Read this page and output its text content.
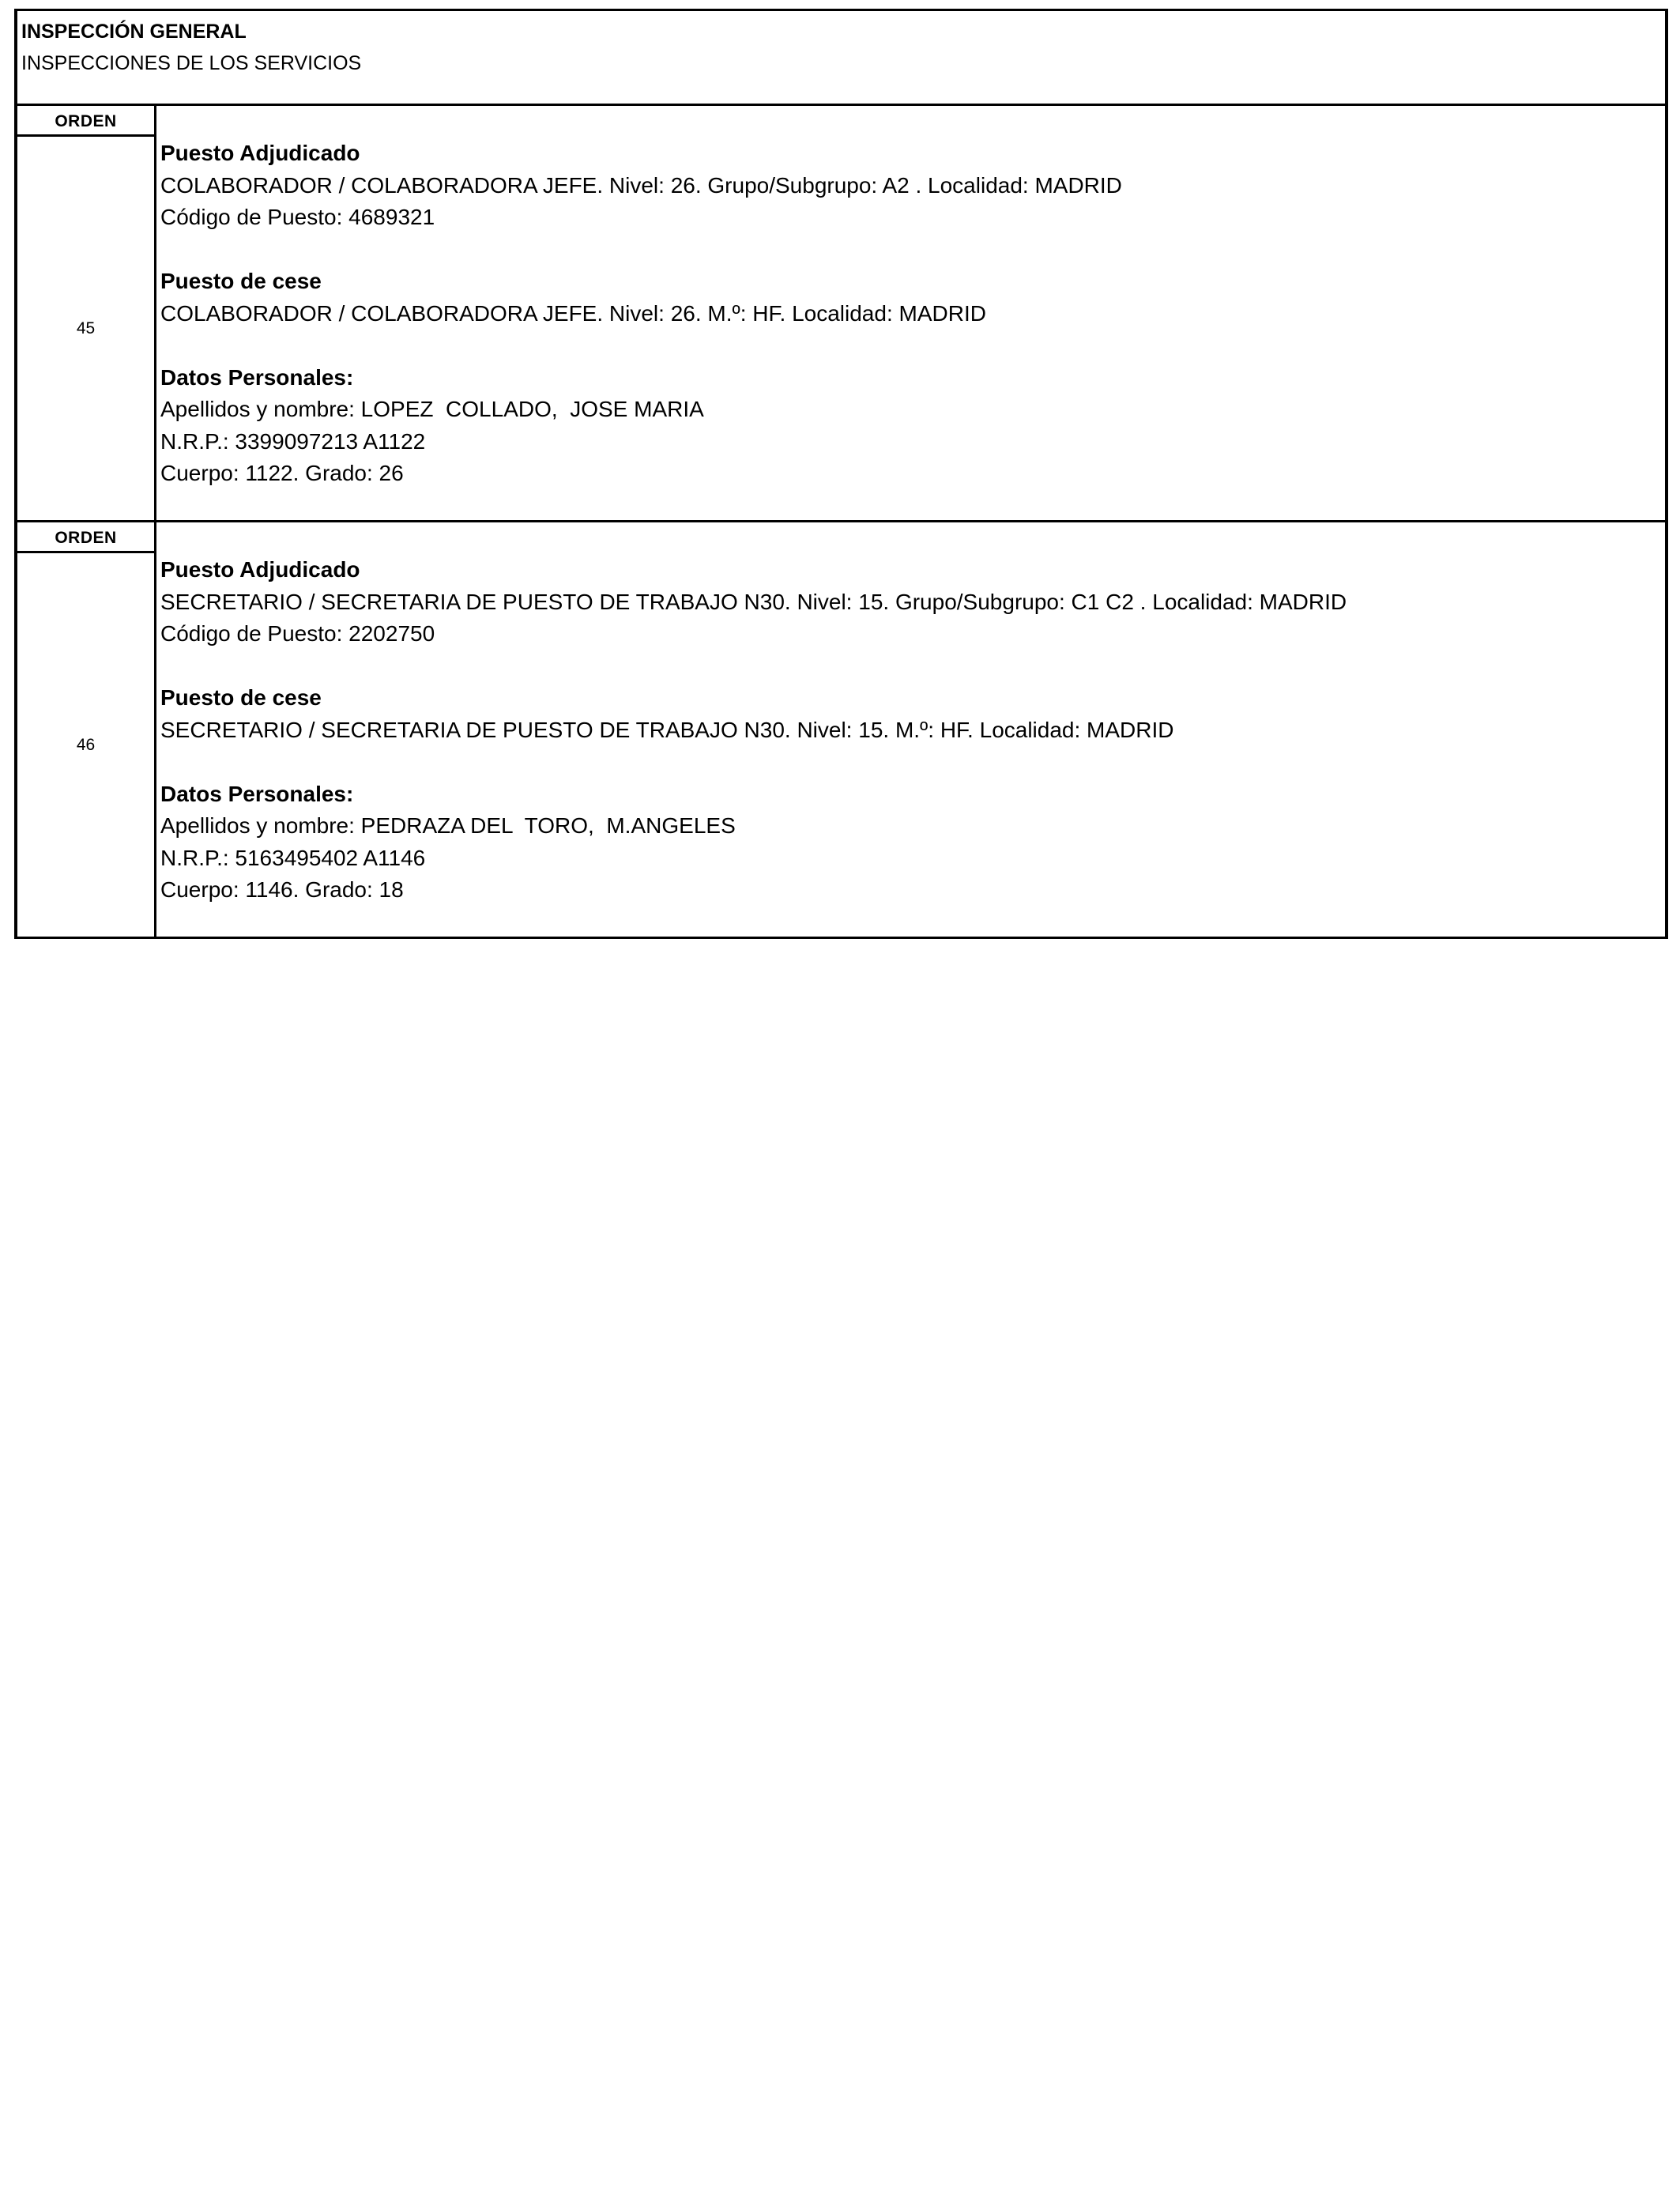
INSPECCIÓN GENERAL
INSPECCIONES DE LOS SERVICIOS
ORDEN
45
Puesto Adjudicado
COLABORADOR / COLABORADORA JEFE. Nivel: 26. Grupo/Subgrupo: A2 . Localidad: MADRID
Código de Puesto: 4689321
Puesto de cese
COLABORADOR / COLABORADORA JEFE. Nivel: 26. M.º: HF. Localidad: MADRID
Datos Personales:
Apellidos y nombre: LOPEZ  COLLADO,  JOSE MARIA
N.R.P.: 3399097213 A1122
Cuerpo: 1122. Grado: 26
ORDEN
46
Puesto Adjudicado
SECRETARIO / SECRETARIA DE PUESTO DE TRABAJO N30. Nivel: 15. Grupo/Subgrupo: C1 C2 . Localidad: MADRID
Código de Puesto: 2202750
Puesto de cese
SECRETARIO / SECRETARIA DE PUESTO DE TRABAJO N30. Nivel: 15. M.º: HF. Localidad: MADRID
Datos Personales:
Apellidos y nombre: PEDRAZA DEL  TORO,  M.ANGELES
N.R.P.: 5163495402 A1146
Cuerpo: 1146. Grado: 18
